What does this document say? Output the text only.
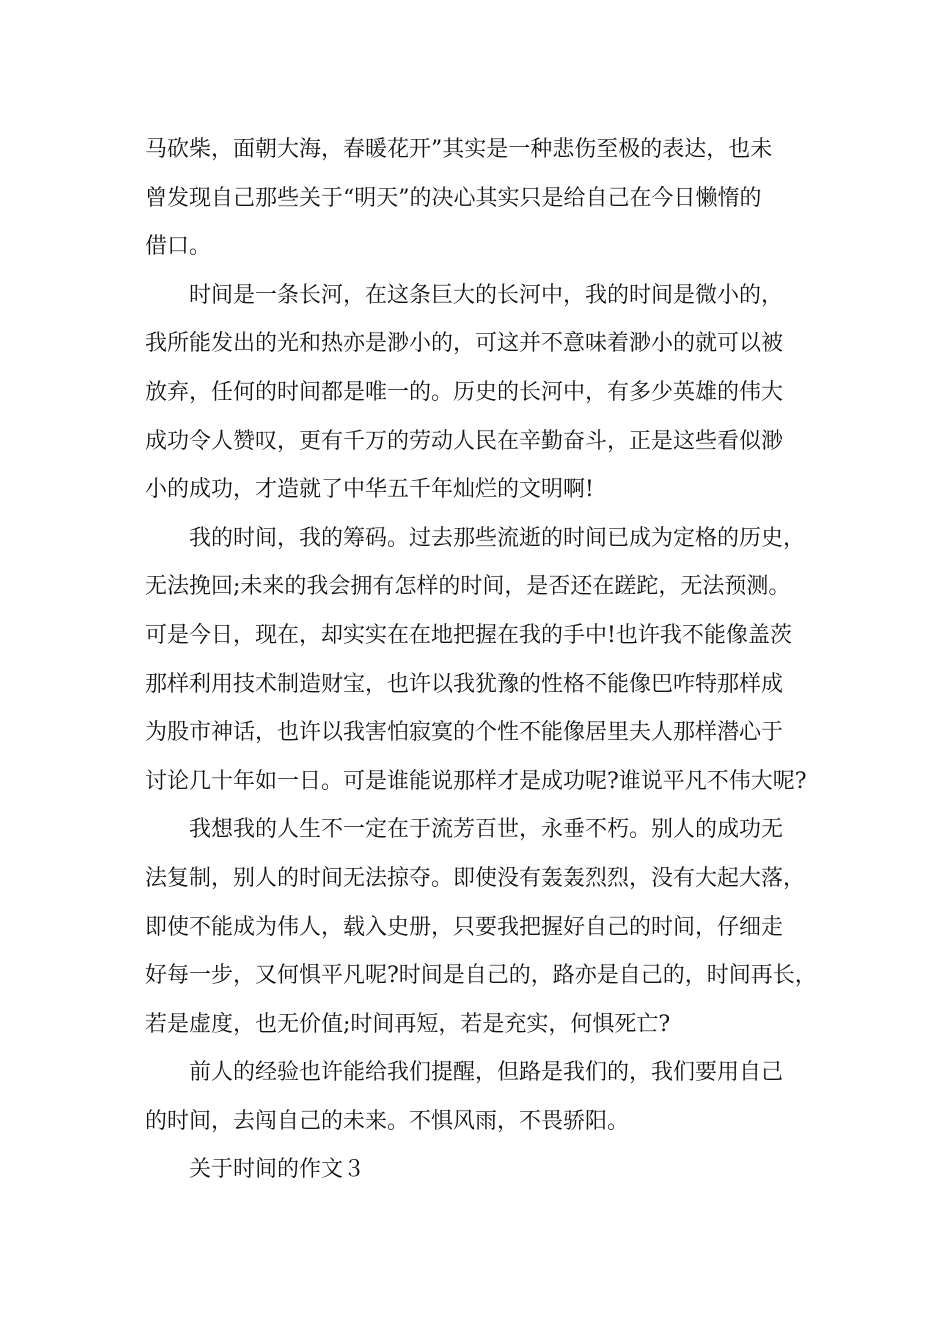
马砍柴，面朝大海，春暖花开”其实是一种悲伤至极的表达，也未
曾发现自己那些关于“明天”的决心其实只是给自己在今日懒惰的
借口。
时间是一条长河，在这条巨大的长河中，我的时间是微小的，
我所能发出的光和热亦是渺小的，可这并不意味着渺小的就可以被
放弃，任何的时间都是唯一的。历史的长河中，有多少英雄的伟大
成功令人赞叹，更有千万的劳动人民在辛勤奋斗，正是这些看似渺
小的成功，才造就了中华五千年灿烂的文明啊!
我的时间，我的筹码。过去那些流逝的时间已成为定格的历史，
无法挽回;未来的我会拥有怎样的时间，是否还在蹉跎，无法预测。
可是今日，现在，却实实在在地把握在我的手中!也许我不能像盖茨
那样利用技术制造财宝，也许以我犹豫的性格不能像巴咋特那样成
为股市神话，也许以我害怕寂寞的个性不能像居里夫人那样潜心于
讨论几十年如一日。可是谁能说那样才是成功呢?谁说平凡不伟大呢?
我想我的人生不一定在于流芳百世，永垂不朽。别人的成功无
法复制，别人的时间无法掠夺。即使没有轰轰烈烈，没有大起大落，
即使不能成为伟人，载入史册，只要我把握好自己的时间，仔细走
好每一步，又何惧平凡呢?时间是自己的，路亦是自己的，时间再长，
若是虚度，也无价值;时间再短，若是充实，何惧死亡?
前人的经验也许能给我们提醒，但路是我们的，我们要用自己
的时间，去闯自己的未来。不惧风雨，不畏骄阳。
关于时间的作文３
